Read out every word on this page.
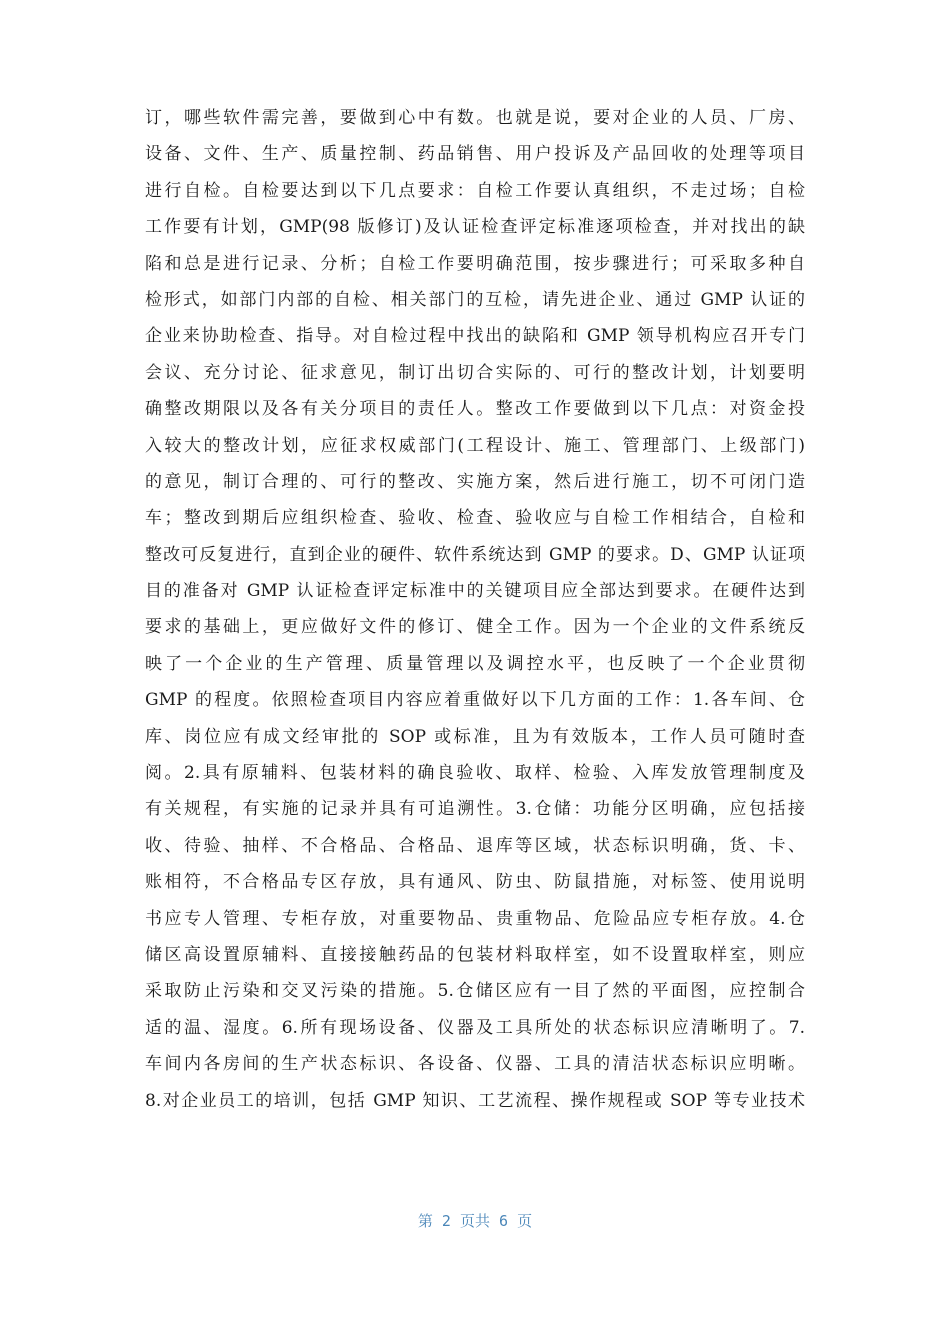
订，哪些软件需完善，要做到心中有数。也就是说，要对企业的人员、厂房、
设备、文件、生产、质量控制、药品销售、用户投诉及产品回收的处理等项目
进行自检。自检要达到以下几点要求：自检工作要认真组织，不走过场；自检
工作要有计划，GMP(98 版修订)及认证检查评定标准逐项检查，并对找出的缺
陷和总是进行记录、分析；自检工作要明确范围，按步骤进行；可采取多种自
检形式，如部门内部的自检、相关部门的互检，请先进企业、通过 GMP 认证的
企业来协助检查、指导。对自检过程中找出的缺陷和 GMP 领导机构应召开专门
会议、充分讨论、征求意见，制订出切合实际的、可行的整改计划，计划要明
确整改期限以及各有关分项目的责任人。整改工作要做到以下几点：对资金投
入较大的整改计划，应征求权威部门(工程设计、施工、管理部门、上级部门)
的意见，制订合理的、可行的整改、实施方案，然后进行施工，切不可闭门造
车；整改到期后应组织检查、验收、检查、验收应与自检工作相结合，自检和
整改可反复进行，直到企业的硬件、软件系统达到 GMP 的要求。D、GMP 认证项
目的准备对 GMP 认证检查评定标准中的关键项目应全部达到要求。在硬件达到
要求的基础上，更应做好文件的修订、健全工作。因为一个企业的文件系统反
映了一个企业的生产管理、质量管理以及调控水平，也反映了一个企业贯彻
GMP 的程度。依照检查项目内容应着重做好以下几方面的工作：1.各车间、仓
库、岗位应有成文经审批的 SOP 或标准，且为有效版本，工作人员可随时查
阅。2.具有原辅料、包装材料的确良验收、取样、检验、入库发放管理制度及
有关规程，有实施的记录并具有可追溯性。3.仓储：功能分区明确，应包括接
收、待验、抽样、不合格品、合格品、退库等区域，状态标识明确，货、卡、
账相符，不合格品专区存放，具有通风、防虫、防鼠措施，对标签、使用说明
书应专人管理、专柜存放，对重要物品、贵重物品、危险品应专柜存放。4.仓
储区高设置原辅料、直接接触药品的包装材料取样室，如不设置取样室，则应
采取防止污染和交叉污染的措施。5.仓储区应有一目了然的平面图，应控制合
适的温、湿度。6.所有现场设备、仪器及工具所处的状态标识应清晰明了。7.
车间内各房间的生产状态标识、各设备、仪器、工具的清洁状态标识应明晰。
8.对企业员工的培训，包括 GMP 知识、工艺流程、操作规程或 SOP 等专业技术
第 2 页共 6 页
